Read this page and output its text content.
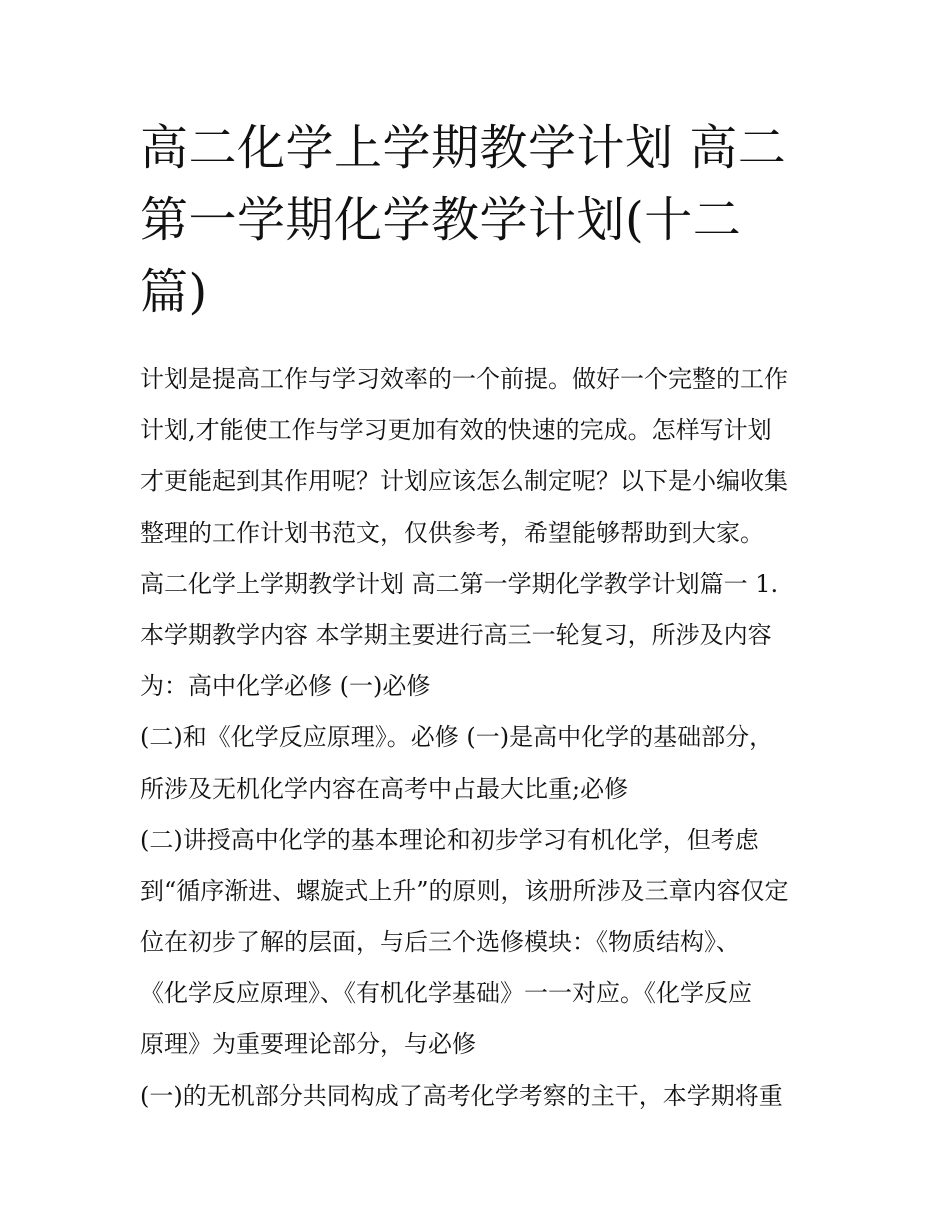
高二化学上学期教学计划 高二
第一学期化学教学计划(十二
篇)
计划是提高工作与学习效率的一个前提。做好一个完整的工作
计划,才能使工作与学习更加有效的快速的完成。怎样写计划
才更能起到其作用呢？计划应该怎么制定呢？以下是小编收集
整理的工作计划书范文，仅供参考，希望能够帮助到大家。
高二化学上学期教学计划 高二第一学期化学教学计划篇一 1.
本学期教学内容 本学期主要进行高三一轮复习，所涉及内容
为：高中化学必修 (一)必修
(二)和《化学反应原理》。必修 (一)是高中化学的基础部分，
所涉及无机化学内容在高考中占最大比重;必修
(二)讲授高中化学的基本理论和初步学习有机化学，但考虑
到“循序渐进、螺旋式上升”的原则，该册所涉及三章内容仅定
位在初步了解的层面，与后三个选修模块：《物质结构》、
《化学反应原理》、《有机化学基础》一一对应。《化学反应
原理》为重要理论部分，与必修
(一)的无机部分共同构成了高考化学考察的主干，本学期将重
